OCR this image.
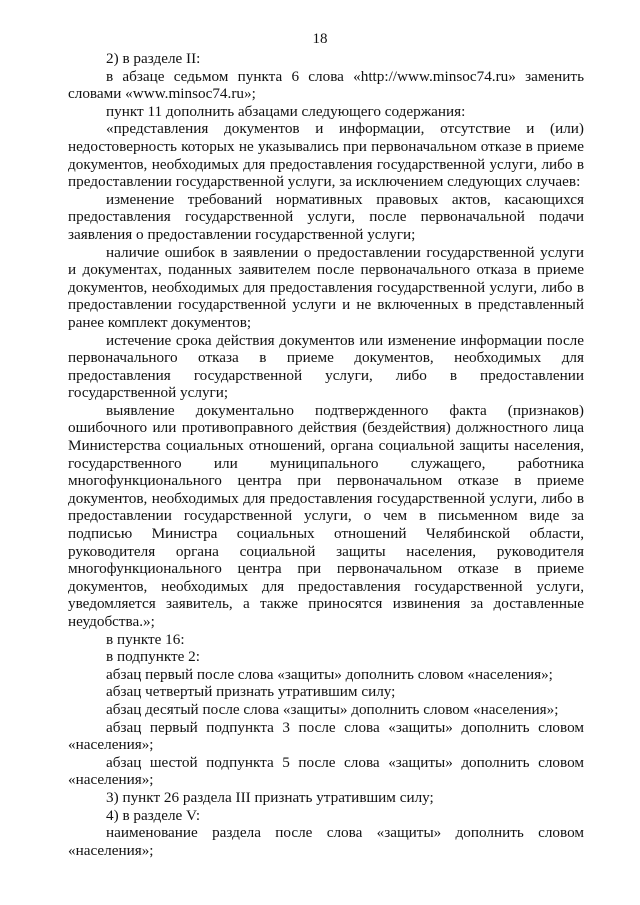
18

2) в разделе II:

в абзаце седьмом пункта 6 слова «http://www.minsoc74.ru» заменить словами «www.minsoc74.ru»;

пункт 11 дополнить абзацами следующего содержания:

«представления документов и информации, отсутствие и (или) недостоверность которых не указывались при первоначальном отказе в приеме документов, необходимых для предоставления государственной услуги, либо в предоставлении государственной услуги, за исключением следующих случаев:

изменение требований нормативных правовых актов, касающихся предоставления государственной услуги, после первоначальной подачи заявления о предоставлении государственной услуги;

наличие ошибок в заявлении о предоставлении государственной услуги и документах, поданных заявителем после первоначального отказа в приеме документов, необходимых для предоставления государственной услуги, либо в предоставлении государственной услуги и не включенных в представленный ранее комплект документов;

истечение срока действия документов или изменение информации после первоначального отказа в приеме документов, необходимых для предоставления государственной услуги, либо в предоставлении государственной услуги;

выявление документально подтвержденного факта (признаков) ошибочного или противоправного действия (бездействия) должностного лица Министерства социальных отношений, органа социальной защиты населения, государственного или муниципального служащего, работника многофункционального центра при первоначальном отказе в приеме документов, необходимых для предоставления государственной услуги, либо в предоставлении государственной услуги, о чем в письменном виде за подписью Министра социальных отношений Челябинской области, руководителя органа социальной защиты населения, руководителя многофункционального центра при первоначальном отказе в приеме документов, необходимых для предоставления государственной услуги, уведомляется заявитель, а также приносятся извинения за доставленные неудобства.»;

в пункте 16:

в подпункте 2:

абзац первый после слова «защиты» дополнить словом «населения»;

абзац четвертый признать утратившим силу;

абзац десятый после слова «защиты» дополнить словом «населения»;

абзац первый подпункта 3 после слова «защиты» дополнить словом «населения»;

абзац шестой подпункта 5 после слова «защиты» дополнить словом «населения»;

3) пункт 26 раздела III признать утратившим силу;

4) в разделе V:

наименование раздела после слова «защиты» дополнить словом «населения»;
